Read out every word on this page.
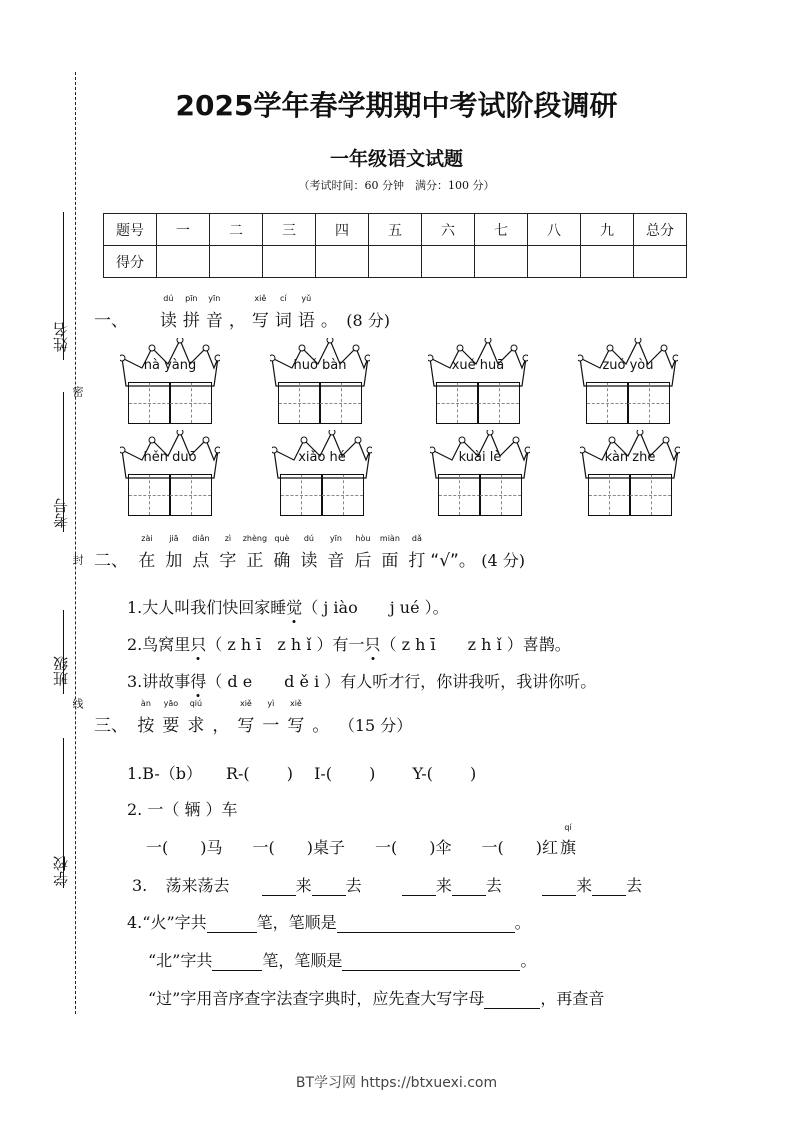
姓名
考号
班级
学校
密
封
线
2025学年春学期期中考试阶段调研
一年级语文试题
（考试时间：60 分钟　满分：100 分）
题号	一	二	三	四	五	六	七	八	九	总分
得分										
一、
dú
读
pīn
拼
yīn
音 ，
xiě
写
cí
词
yǔ
语 。 (8 分)
nà yàng	huǒ bàn	xuě huā	zuǒ yòu
hěn duō	xiǎo hé	kuài lè	kàn zhe
二、
zài
在
jiā
加
diǎn
点
zì
字
zhèng
正
què
确
dú
读
yīn
音
hòu
后
miàn
面
dǎ
打 “√”。 (4 分)
1.大人叫我们快回家睡觉（ j iào　　j ué ）。
2.鸟窝里只（ z h ī　z h ǐ ）有一只（ z h ī　　z h ǐ ）喜鹊。
3.讲故事得（ d e　　d ě i ）有人听才行，你讲我听，我讲你听。
三、
àn
按
yāo
要
qiú
求 ，
xiě
写
yì
一
xiě
写 。 （15 分）
1.B-（b）　　R-(　　 )　 I-(　　 )　　 Y-(　　 )
2. 一（ 辆 ）车
一(　　)马 一(　　)桌子 一(　　)伞 一(　　)红
qí
旗
3. 荡来荡去	来 去	来 去	来 去
4.“火”字共	笔，笔顺是	。
“北”字共	笔，笔顺是	。
“过”字用音序查字法查字典时，应先查大写字母	，再查音
BT学习网 https://btxuexi.com
